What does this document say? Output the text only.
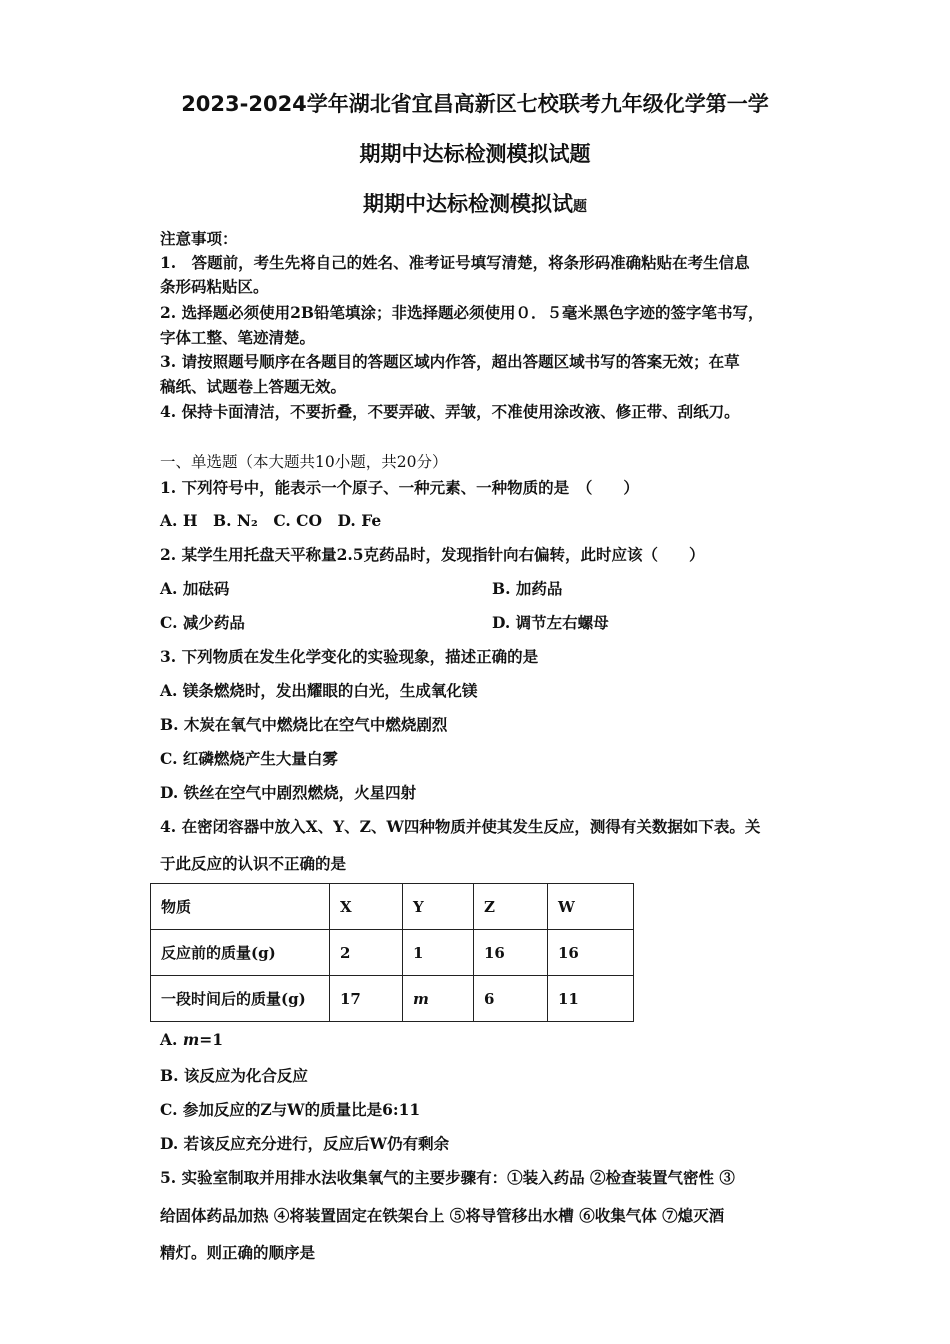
2023-2024学年湖北省宜昌高新区七校联考九年级化学第一学
期期中达标检测模拟试题
期期中达标检测模拟试题
注意事项：
1.　答题前，考生先将自己的姓名、准考证号填写清楚，将条形码准确粘贴在考生信息
条形码粘贴区。
2. 选择题必须使用2B铅笔填涂；非选择题必须使用０．５毫米黑色字迹的签字笔书写，
字体工整、笔迹清楚。
3. 请按照题号顺序在各题目的答题区域内作答，超出答题区域书写的答案无效；在草
稿纸、试题卷上答题无效。
4. 保持卡面清洁，不要折叠，不要弄破、弄皱，不准使用涂改液、修正带、刮纸刀。
一、单选题（本大题共10小题，共20分）
1. 下列符号中，能表示一个原子、一种元素、一种物质的是　（　　）
A. H　B. N₂　C. CO　D. Fe
2. 某学生用托盘天平称量2.5克药品时，发现指针向右偏转，此时应该（　　）
A. 加砝码	B. 加药品
C. 减少药品	D. 调节左右螺母
3. 下列物质在发生化学变化的实验现象，描述正确的是
A. 镁条燃烧时，发出耀眼的白光，生成氧化镁
B. 木炭在氧气中燃烧比在空气中燃烧剧烈
C. 红磷燃烧产生大量白雾
D. 铁丝在空气中剧烈燃烧，火星四射
4. 在密闭容器中放入X、Y、Z、W四种物质并使其发生反应，测得有关数据如下表。关
于此反应的认识不正确的是
物质	X	Y	Z	W
反应前的质量(g)	2	1	16	16
一段时间后的质量(g)	17	m	6	11
A. m=1
B. 该反应为化合反应
C. 参加反应的Z与W的质量比是6:11
D. 若该反应充分进行，反应后W仍有剩余
5. 实验室制取并用排水法收集氧气的主要步骤有：①装入药品 ②检查装置气密性 ③
给固体药品加热 ④将装置固定在铁架台上 ⑤将导管移出水槽 ⑥收集气体 ⑦熄灭酒
精灯。则正确的顺序是
